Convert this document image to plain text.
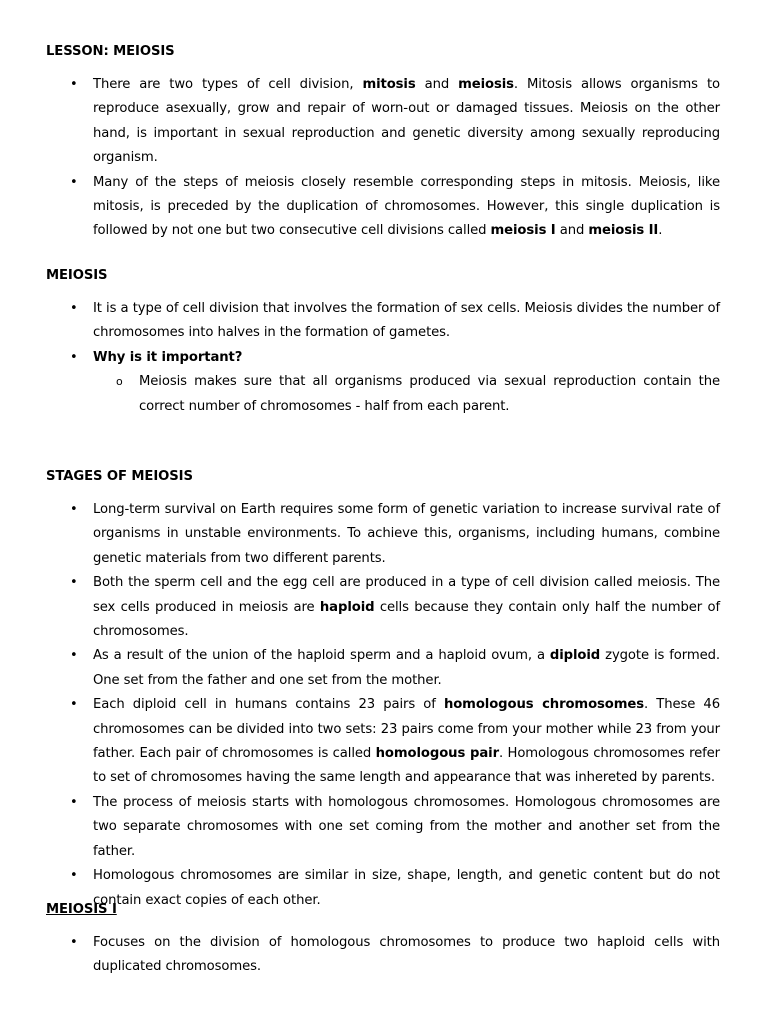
LESSON: MEIOSIS
• There are two types of cell division, mitosis and meiosis. Mitosis allows organisms to reproduce asexually, grow and repair of worn-out or damaged tissues. Meiosis on the other hand, is important in sexual reproduction and genetic diversity among sexually reproducing organism.
• Many of the steps of meiosis closely resemble corresponding steps in mitosis. Meiosis, like mitosis, is preceded by the duplication of chromosomes. However, this single duplication is followed by not one but two consecutive cell divisions called meiosis I and meiosis II.
MEIOSIS
• It is a type of cell division that involves the formation of sex cells. Meiosis divides the number of chromosomes into halves in the formation of gametes.
• Why is it important?
o Meiosis makes sure that all organisms produced via sexual reproduction contain the correct number of chromosomes - half from each parent.
STAGES OF MEIOSIS
• Long-term survival on Earth requires some form of genetic variation to increase survival rate of organisms in unstable environments. To achieve this, organisms, including humans, combine genetic materials from two different parents.
• Both the sperm cell and the egg cell are produced in a type of cell division called meiosis. The sex cells produced in meiosis are haploid cells because they contain only half the number of chromosomes.
• As a result of the union of the haploid sperm and a haploid ovum, a diploid zygote is formed. One set from the father and one set from the mother.
• Each diploid cell in humans contains 23 pairs of homologous chromosomes. These 46 chromosomes can be divided into two sets: 23 pairs come from your mother while 23 from your father. Each pair of chromosomes is called homologous pair. Homologous chromosomes refer to set of chromosomes having the same length and appearance that was inhereted by parents.
• The process of meiosis starts with homologous chromosomes. Homologous chromosomes are two separate chromosomes with one set coming from the mother and another set from the father.
• Homologous chromosomes are similar in size, shape, length, and genetic content but do not contain exact copies of each other.
MEIOSIS I
• Focuses on the division of homologous chromosomes to produce two haploid cells with duplicated chromosomes.
